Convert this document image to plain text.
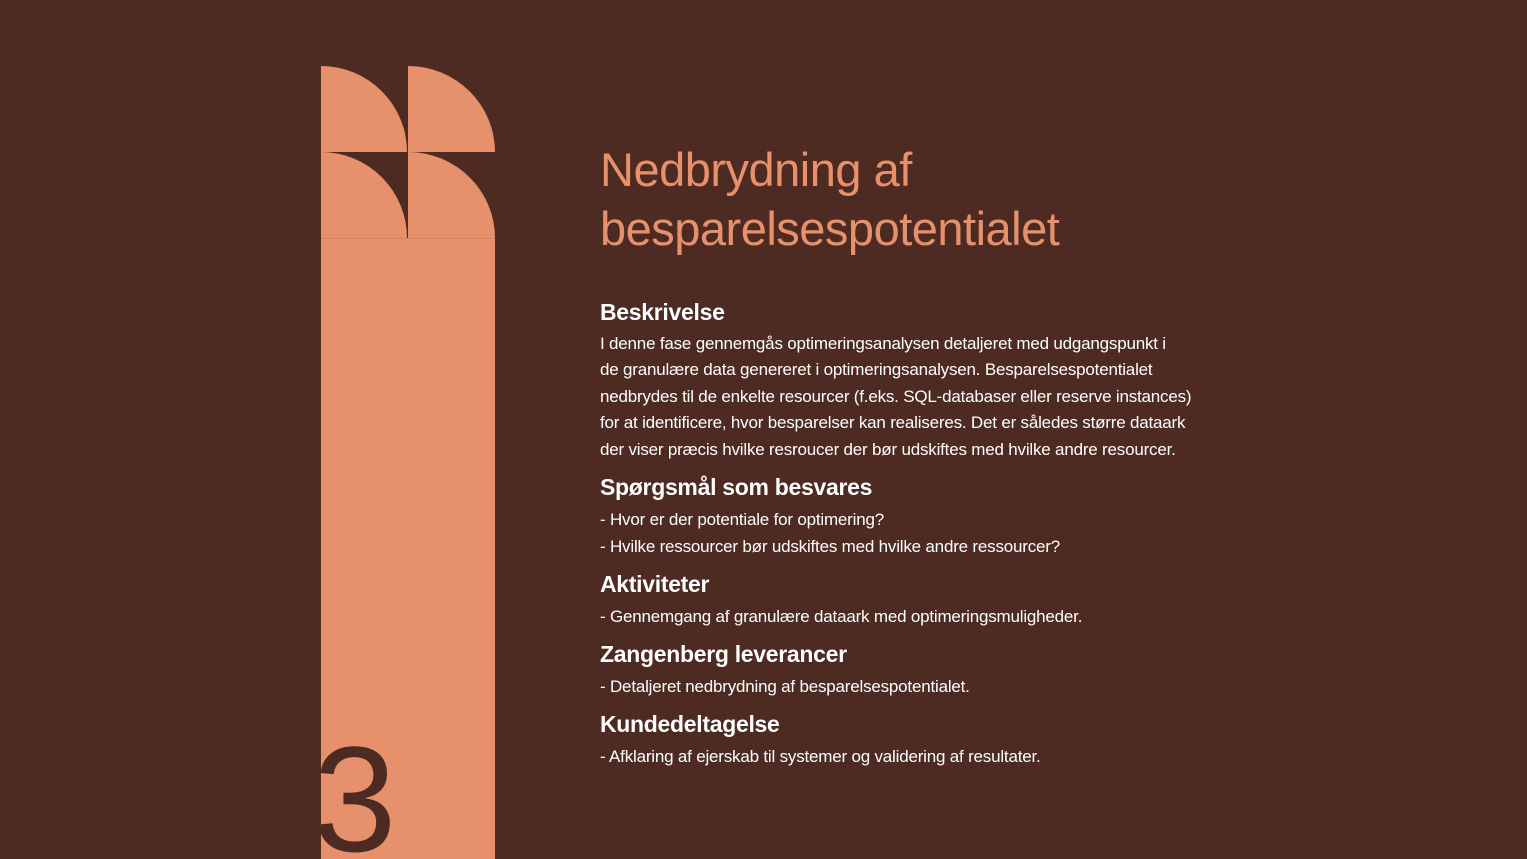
3
Nedbrydning af
besparelsespotentialet
Beskrivelse

I denne fase gennemgås optimeringsanalysen detaljeret med udgangspunkt i
de granulære data genereret i optimeringsanalysen. Besparelsespotentialet
nedbrydes til de enkelte resourcer (f.eks. SQL-databaser eller reserve instances)
for at identificere, hvor besparelser kan realiseres. Det er således større dataark
der viser præcis hvilke resroucer der bør udskiftes med hvilke andre resourcer.

Spørgsmål som besvares
- Hvor er der potentiale for optimering?
- Hvilke ressourcer bør udskiftes med hvilke andre ressourcer?
Aktiviteter
- Gennemgang af granulære dataark med optimeringsmuligheder.
Zangenberg leverancer
- Detaljeret nedbrydning af besparelsespotentialet.
Kundedeltagelse
- Afklaring af ejerskab til systemer og validering af resultater.
